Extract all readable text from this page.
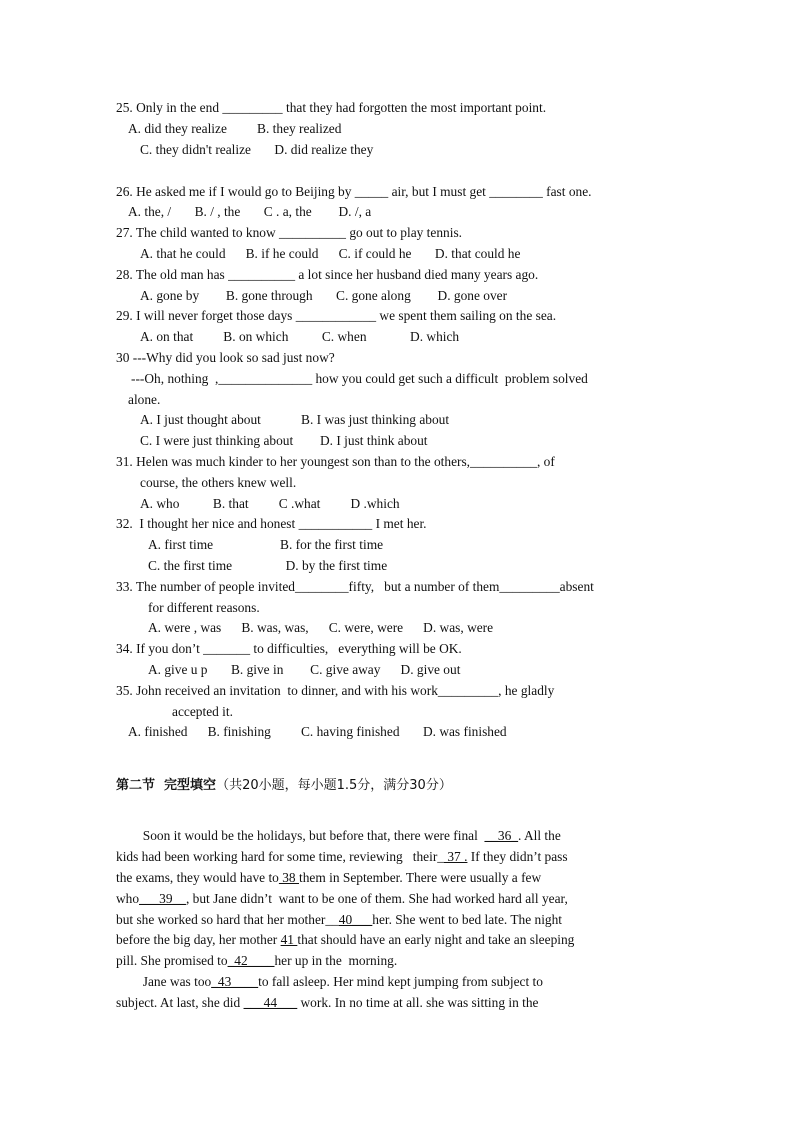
25. Only in the end _________ that they had forgotten the most important point.
A. did they realize         B. they realized
C. they didn't realize       D. did realize they
26. He asked me if I would go to Beijing by _____ air, but I must get ________ fast one.
A. the, /       B. / , the       C . a, the        D. /, a
27. The child wanted to know __________ go out to play tennis.
A. that he could      B. if he could      C. if could he       D. that could he
28. The old man has __________ a lot since her husband died many years ago.
A. gone by        B. gone through       C. gone along        D. gone over
29. I will never forget those days ____________ we spent them sailing on the sea.
A. on that         B. on which          C. when             D. which
30 ---Why did you look so sad just now?
---Oh, nothing  ,______________ how you could get such a difficult  problem solved
alone.
A. I just thought about            B. I was just thinking about
C. I were just thinking about        D. I just think about
31. Helen was much kinder to her youngest son than to the others,__________, of
course, the others knew well.
A. who          B. that         C .what         D .which
32.  I thought her nice and honest ___________ I met her.
A. first time                    B. for the first time
C. the first time                D. by the first time
33. The number of people invited________fifty,   but a number of them_________absent
for different reasons.
A. were , was      B. was, was,      C. were, were      D. was, were
34. If you don’t _______ to difficulties,   everything will be OK.
A. give u p       B. give in        C. give away      D. give out
35. John received an invitation  to dinner, and with his work_________, he gladly
accepted it.
A. finished      B. finishing         C. having finished       D. was finished
第二节  完型填空（共20小题，每小题1.5分，满分30分）
Soon it would be the holidays, but before that, there were final  __36_. All the
kids had been working hard for some time, reviewing   their_ 37 . If they didn’t pass
the exams, they would have to 38 them in September. There were usually a few
who___39__, but Jane didn’t  want to be one of them. She had worked hard all year,
but she worked so hard that her mother__40___her. She went to bed late. The night
before the big day, her mother 41 that should have an early night and take an sleeping
pill. She promised to_42____her up in the  morning.
Jane was too_43____to fall asleep. Her mind kept jumping from subject to
subject. At last, she did ___44___ work. In no time at all. she was sitting in the
